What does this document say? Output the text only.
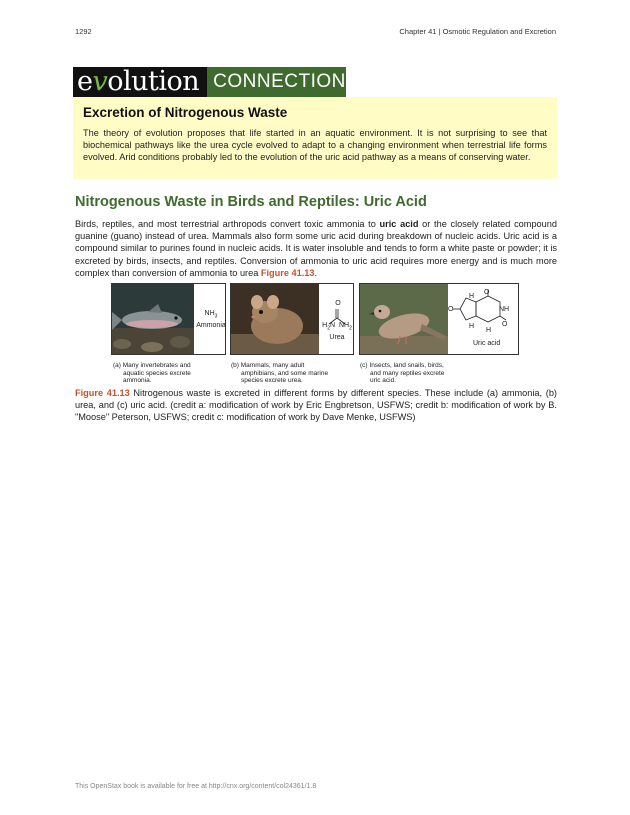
1292	Chapter 41 | Osmotic Regulation and Excretion
e v olution CONNECTION

Excretion of Nitrogenous Waste

The theory of evolution proposes that life started in an aquatic environment. It is not surprising to see that biochemical pathways like the urea cycle evolved to adapt to a changing environment when terrestrial life forms evolved. Arid conditions probably led to the evolution of the uric acid pathway as a means of conserving water.

Nitrogenous Waste in Birds and Reptiles: Uric Acid

Birds, reptiles, and most terrestrial arthropods convert toxic ammonia to uric acid or the closely related compound guanine (guano) instead of urea. Mammals also form some uric acid during breakdown of nucleic acids. Uric acid is a compound similar to purines found in nucleic acids. It is water insoluble and tends to form a white paste or powder; it is excreted by birds, insects, and reptiles. Conversion of ammonia to uric acid requires more energy and is much more complex than conversion of ammonia to urea Figure 41.13.

$NH_3$
Ammonia
O
$H_2N$ $NH_2$
Urea
O
O
O
H
H
H
NH
Uric acid
(a) Many invertebrates and
aquatic species excrete
ammonia.
(b) Mammals, many adult
amphibians, and some marine
species excrete urea.
(c) Insects, land snails, birds,
and many reptiles excrete
uric acid.

Figure 41.13 Nitrogenous waste is excreted in different forms by different species. These include (a) ammonia, (b) urea, and (c) uric acid. (credit a: modification of work by Eric Engbretson, USFWS; credit b: modification of work by B. "Moose" Peterson, USFWS; credit c: modification of work by Dave Menke, USFWS)

This OpenStax book is available for free at http://cnx.org/content/col24361/1.8
